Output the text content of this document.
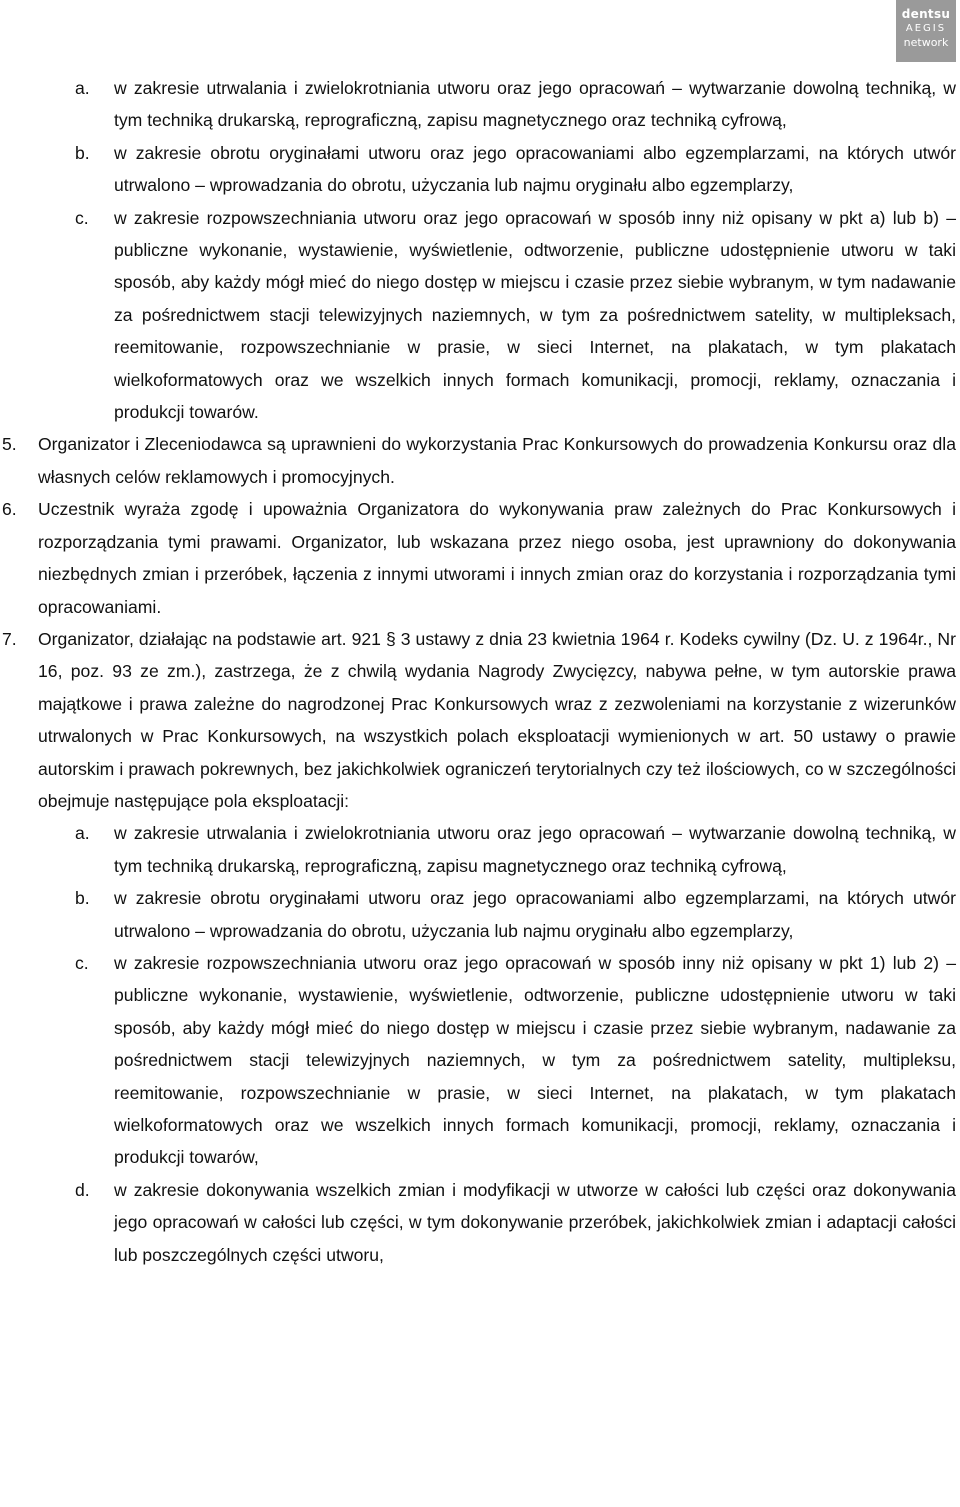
dentsu
AEGIS
network
a. w zakresie utrwalania i zwielokrotniania utworu oraz jego opracowań – wytwarzanie dowolną techniką, w tym techniką drukarską, reprograficzną, zapisu magnetycznego oraz techniką cyfrową,
b. w zakresie obrotu oryginałami utworu oraz jego opracowaniami albo egzemplarzami, na których utwór utrwalono – wprowadzania do obrotu, użyczania lub najmu oryginału albo egzemplarzy,
c. w zakresie rozpowszechniania utworu oraz jego opracowań w sposób inny niż opisany w pkt a) lub b) – publiczne wykonanie, wystawienie, wyświetlenie, odtworzenie, publiczne udostępnienie utworu w taki sposób, aby każdy mógł mieć do niego dostęp w miejscu i czasie przez siebie wybranym, w tym nadawanie za pośrednictwem stacji telewizyjnych naziemnych, w tym za pośrednictwem satelity, w multipleksach, reemitowanie, rozpowszechnianie w prasie, w sieci Internet, na plakatach, w tym plakatach wielkoformatowych oraz we wszelkich innych formach komunikacji, promocji, reklamy, oznaczania i produkcji towarów.
5. Organizator i Zleceniodawca są uprawnieni do wykorzystania Prac Konkursowych do prowadzenia Konkursu oraz dla własnych celów reklamowych i promocyjnych.
6. Uczestnik wyraża zgodę i upoważnia Organizatora do wykonywania praw zależnych do Prac Konkursowych i rozporządzania tymi prawami. Organizator, lub wskazana przez niego osoba, jest uprawniony do dokonywania niezbędnych zmian i przeróbek, łączenia z innymi utworami i innych zmian oraz do korzystania i rozporządzania tymi opracowaniami.
7. Organizator, działając na podstawie art. 921 § 3 ustawy z dnia 23 kwietnia 1964 r. Kodeks cywilny (Dz. U. z 1964r., Nr 16, poz. 93 ze zm.), zastrzega, że z chwilą wydania Nagrody Zwycięzcy, nabywa pełne, w tym autorskie prawa majątkowe i prawa zależne do nagrodzonej Prac Konkursowych wraz z zezwoleniami na korzystanie z wizerunków utrwalonych w Prac Konkursowych, na wszystkich polach eksploatacji wymienionych w art. 50 ustawy o prawie autorskim i prawach pokrewnych, bez jakichkolwiek ograniczeń terytorialnych czy też ilościowych, co w szczególności obejmuje następujące pola eksploatacji:
a. w zakresie utrwalania i zwielokrotniania utworu oraz jego opracowań – wytwarzanie dowolną techniką, w tym techniką drukarską, reprograficzną, zapisu magnetycznego oraz techniką cyfrową,
b. w zakresie obrotu oryginałami utworu oraz jego opracowaniami albo egzemplarzami, na których utwór utrwalono – wprowadzania do obrotu, użyczania lub najmu oryginału albo egzemplarzy,
c. w zakresie rozpowszechniania utworu oraz jego opracowań w sposób inny niż opisany w pkt 1) lub 2) – publiczne wykonanie, wystawienie, wyświetlenie, odtworzenie, publiczne udostępnienie utworu w taki sposób, aby każdy mógł mieć do niego dostęp w miejscu i czasie przez siebie wybranym, nadawanie za pośrednictwem stacji telewizyjnych naziemnych, w tym za pośrednictwem satelity, multipleksu, reemitowanie, rozpowszechnianie w prasie, w sieci Internet, na plakatach, w tym plakatach wielkoformatowych oraz we wszelkich innych formach komunikacji, promocji, reklamy, oznaczania i produkcji towarów,
d. w zakresie dokonywania wszelkich zmian i modyfikacji w utworze w całości lub części oraz dokonywania jego opracowań w całości lub części, w tym dokonywanie przeróbek, jakichkolwiek zmian i adaptacji całości lub poszczególnych części utworu,
